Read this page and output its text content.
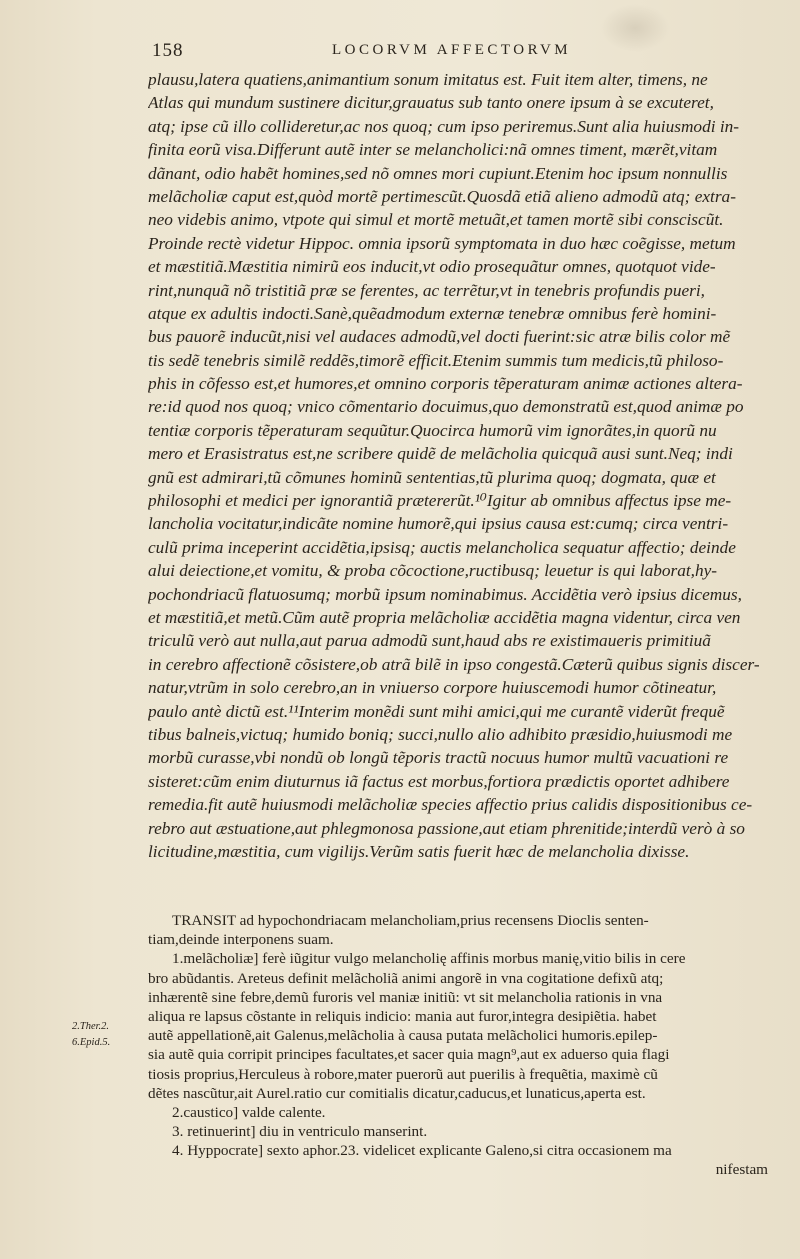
158	LOCORVM AFFECTORVM
plausu,latera quatiens,animantium sonum imitatus est. Fuit item alter, timens, ne
Atlas qui mundum sustinere dicitur,grauatus sub tanto onere ipsum à se excuteret,
atq; ipse cũ illo collideretur,ac nos quoq; cum ipso periremus.Sunt alia huiusmodi in-
finita eorũ visa.Differunt autẽ inter se melancholici:nã omnes timent, mærẽt,vitam
dãnant, odio habẽt homines,sed nõ omnes mori cupiunt.Etenim hoc ipsum nonnullis
melãcholiæ caput est,quòd mortẽ pertimescũt.Quosdã etiã alieno admodũ atq; extra-
neo videbis animo, vtpote qui simul et mortẽ metuãt,et tamen mortẽ sibi consciscũt.
Proinde rectè videtur Hippoc. omnia ipsorũ symptomata in duo hæc coẽgisse, metum
et mæstitiã.Mæstitia nimirũ eos inducit,vt odio prosequãtur omnes, quotquot vide-
rint,nunquã nõ tristitiã præ se ferentes, ac terrẽtur,vt in tenebris profundis pueri,
atque ex adultis indocti.Sanè,quẽadmodum externæ tenebræ omnibus ferè homini-
bus pauorẽ inducũt,nisi vel audaces admodũ,vel docti fuerint:sic atræ bilis color mẽ
tis sedẽ tenebris similẽ reddẽs,timorẽ efficit.Etenim summis tum medicis,tũ philoso-
phis in cõfesso est,et humores,et omnino corporis tẽperaturam animæ actiones altera-
re:id quod nos quoq; vnico cõmentario docuimus,quo demonstratũ est,quod animæ po
tentiæ corporis tẽperaturam sequũtur.Quocirca humorũ vim ignorãtes,in quorũ nu
mero et Erasistratus est,ne scribere quidẽ de melãcholia quicquã ausi sunt.Neq; indi
gnũ est admirari,tũ cõmunes hominũ sententias,tũ plurima quoq; dogmata, quæ et
philosophi et medici per ignorantiã prætererũt.¹⁰Igitur ab omnibus affectus ipse me-
lancholia vocitatur,indicãte nomine humorẽ,qui ipsius causa est:cumq; circa ventri-
culũ prima inceperint accidẽtia,ipsisq; auctis melancholica sequatur affectio; deinde
alui deiectione,et vomitu, & proba cõcoctione,ructibusq; leuetur is qui laborat,hy-
pochondriacũ flatuosumq; morbũ ipsum nominabimus. Accidẽtia verò ipsius dicemus,
et mæstitiã,et metũ.Cũm autẽ propria melãcholiæ accidẽtia magna videntur, circa ven
triculũ verò aut nulla,aut parua admodũ sunt,haud abs re existimaueris primitiuã
in cerebro affectionẽ cõsistere,ob atrã bilẽ in ipso congestã.Cæterũ quibus signis discer-
natur,vtrũm in solo cerebro,an in vniuerso corpore huiuscemodi humor cõtineatur,
paulo antè dictũ est.¹¹Interim monẽdi sunt mihi amici,qui me curantẽ viderũt frequẽ
tibus balneis,victuq; humido boniq; succi,nullo alio adhibito præsidio,huiusmodi me
morbũ curasse,vbi nondũ ob longũ tẽporis tractũ nocuus humor multũ vacuationi re
sisteret:cũm enim diuturnus iã factus est morbus,fortiora prædictis oportet adhibere
remedia.fit autẽ huiusmodi melãcholiæ species affectio prius calidis dispositionibus ce-
rebro aut æstuatione,aut phlegmonosa passione,aut etiam phrenitide;interdũ verò à so
licitudine,mæstitia, cum vigilijs.Verũm satis fuerit hæc de melancholia dixisse.
TRANSIT ad hypochondriacam melancholiam,prius recensens Dioclis senten-
tiam,deinde interponens suam.
1.melãcholiæ] ferè iũgitur vulgo melancholię affinis morbus manię,vitio bilis in cere
bro abũdantis. Areteus definit melãcholiã animi angorẽ in vna cogitatione defixũ atq;
inhærentẽ sine febre,demũ furoris vel maniæ initiũ: vt sit melancholia rationis in vna
aliqua re lapsus cõstante in reliquis indicio: mania aut furor,integra desipiẽtia. habet
autẽ appellationẽ,ait Galenus,melãcholia à causa putata melãcholici humoris.epilep-
sia autẽ quia corripit principes facultates,et sacer quia magn⁹,aut ex aduerso quia flagi
tiosis proprius,Herculeus à robore,mater puerorũ aut puerilis à frequẽtia, maximè cũ
dẽtes nascũtur,ait Aurel.ratio cur comitialis dicatur,caducus,et lunaticus,aperta est.
2.caustico] valde calente.
3. retinuerint] diu in ventriculo manserint.
4. Hyppocrate] sexto aphor.23. videlicet explicante Galeno,si citra occasionem ma
nifestam
2.Ther.2.
6.Epid.5.
